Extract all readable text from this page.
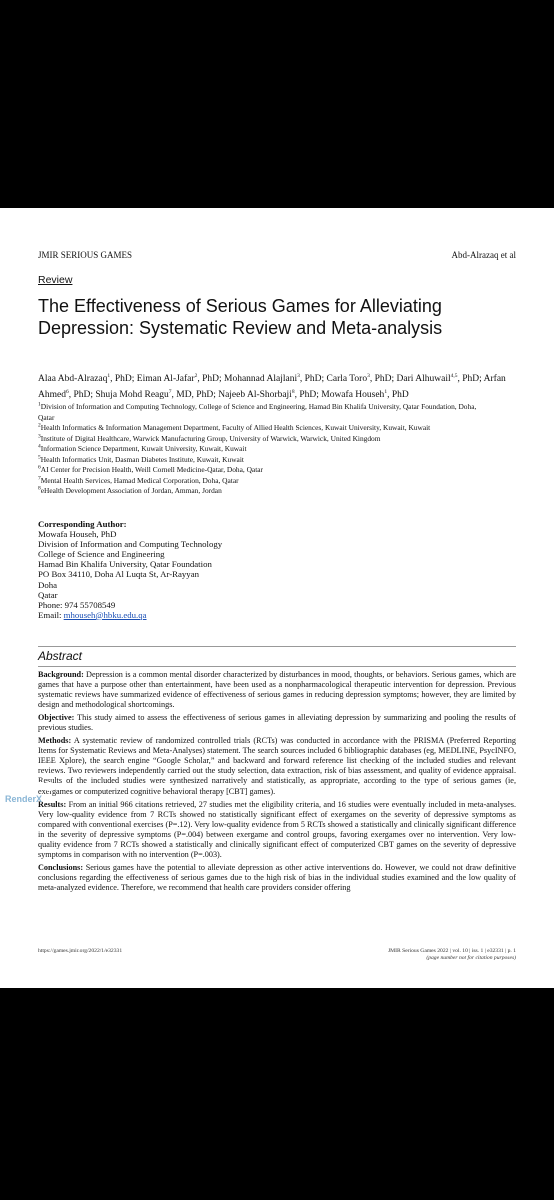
JMIR SERIOUS GAMES	Abd-Alrazaq et al
Review
The Effectiveness of Serious Games for Alleviating Depression: Systematic Review and Meta-analysis
Alaa Abd-Alrazaq$^1$, PhD; Eiman Al-Jafar$^2$, PhD; Mohannad Alajlani$^3$, PhD; Carla Toro$^3$, PhD; Dari Alhuwail$^{4,5}$, PhD; Arfan Ahmed$^6$, PhD; Shuja Mohd Reagu$^7$, MD, PhD; Najeeb Al-Shorbaji$^8$, PhD; Mowafa Househ$^1$, PhD
$^1$Division of Information and Computing Technology, College of Science and Engineering, Hamad Bin Khalifa University, Qatar Foundation, Doha,
Qatar
$^2$Health Informatics & Information Management Department, Faculty of Allied Health Sciences, Kuwait University, Kuwait, Kuwait
$^3$Institute of Digital Healthcare, Warwick Manufacturing Group, University of Warwick, Warwick, United Kingdom
$^4$Information Science Department, Kuwait University, Kuwait, Kuwait
$^5$Health Informatics Unit, Dasman Diabetes Institute, Kuwait, Kuwait
$^6$AI Center for Precision Health, Weill Cornell Medicine-Qatar, Doha, Qatar
$^7$Mental Health Services, Hamad Medical Corporation, Doha, Qatar
$^8$eHealth Development Association of Jordan, Amman, Jordan
Corresponding Author:
Mowafa Househ, PhD
Division of Information and Computing Technology
College of Science and Engineering
Hamad Bin Khalifa University, Qatar Foundation
PO Box 34110, Doha Al Luqta St, Ar-Rayyan
Doha
Qatar
Phone: 974 55708549
Email: mhouseh@hbku.edu.qa
Abstract

Background: Depression is a common mental disorder characterized by disturbances in mood, thoughts, or behaviors. Serious games, which are games that have a purpose other than entertainment, have been used as a nonpharmacological therapeutic intervention for depression. Previous systematic reviews have summarized evidence of effectiveness of serious games in reducing depression symptoms; however, they are limited by design and methodological shortcomings.

Objective: This study aimed to assess the effectiveness of serious games in alleviating depression by summarizing and pooling the results of previous studies.

Methods: A systematic review of randomized controlled trials (RCTs) was conducted in accordance with the PRISMA (Preferred Reporting Items for Systematic Reviews and Meta-Analyses) statement. The search sources included 6 bibliographic databases (eg, MEDLINE, PsycINFO, IEEE Xplore), the search engine “Google Scholar,” and backward and forward reference list checking of the included studies and relevant reviews. Two reviewers independently carried out the study selection, data extraction, risk of bias assessment, and quality of evidence appraisal. Results of the included studies were synthesized narratively and statistically, as appropriate, according to the type of serious games (ie, exergames or computerized cognitive behavioral therapy [CBT] games).

Results: From an initial 966 citations retrieved, 27 studies met the eligibility criteria, and 16 studies were eventually included in meta-analyses. Very low-quality evidence from 7 RCTs showed no statistically significant effect of exergames on the severity of depressive symptoms as compared with conventional exercises (P=.12). Very low-quality evidence from 5 RCTs showed a statistically and clinically significant difference in the severity of depressive symptoms (P=.004) between exergame and control groups, favoring exergames over no intervention. Very low-quality evidence from 7 RCTs showed a statistically and clinically significant effect of computerized CBT games on the severity of depressive symptoms in comparison with no intervention (P=.003).

Conclusions: Serious games have the potential to alleviate depression as other active interventions do. However, we could not draw definitive conclusions regarding the effectiveness of serious games due to the high risk of bias in the individual studies examined and the low quality of meta-analyzed evidence. Therefore, we recommend that health care providers consider offering

https://games.jmir.org/2022/1/e32331	JMIR Serious Games 2022 | vol. 10 | iss. 1 | e32331 | p. 1
(page number not for citation purposes)
XSL•FO
RenderX
